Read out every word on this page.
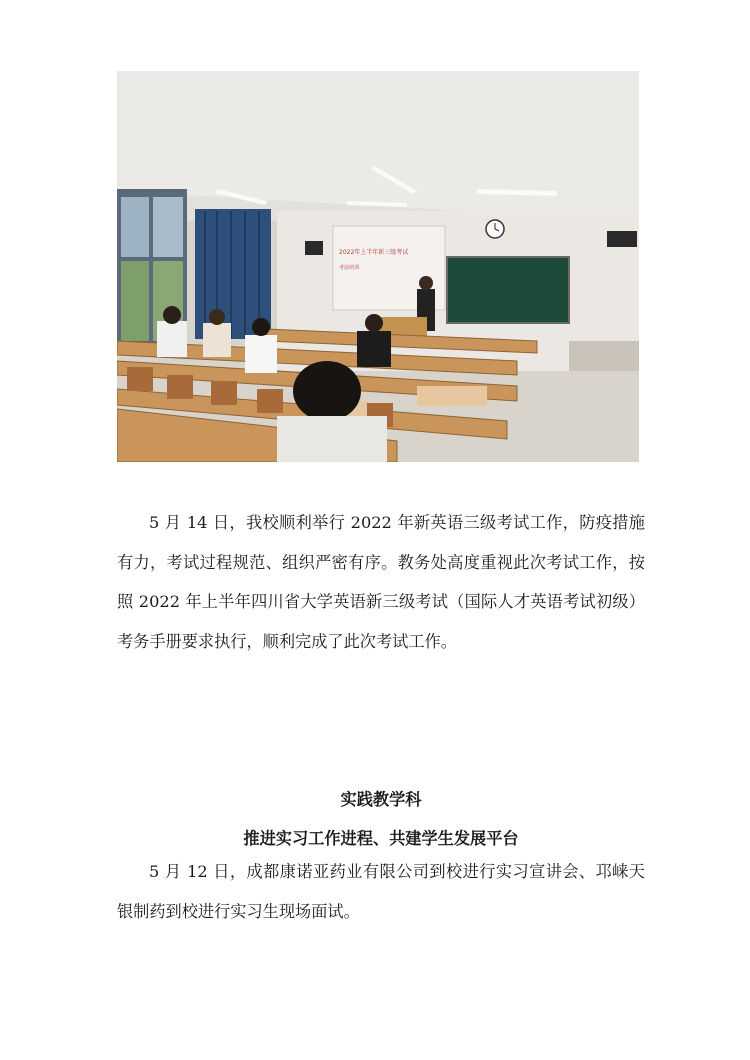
2022年上半年新三级考试
考前培训

5 月 14 日，我校顺利举行 2022 年新英语三级考试工作，防疫措施有力，考试过程规范、组织严密有序。教务处高度重视此次考试工作，按照 2022 年上半年四川省大学英语新三级考试（国际人才英语考试初级）考务手册要求执行，顺利完成了此次考试工作。

实践教学科
推进实习工作进程、共建学生发展平台

5 月 12 日，成都康诺亚药业有限公司到校进行实习宣讲会、邛崃天银制药到校进行实习生现场面试。
